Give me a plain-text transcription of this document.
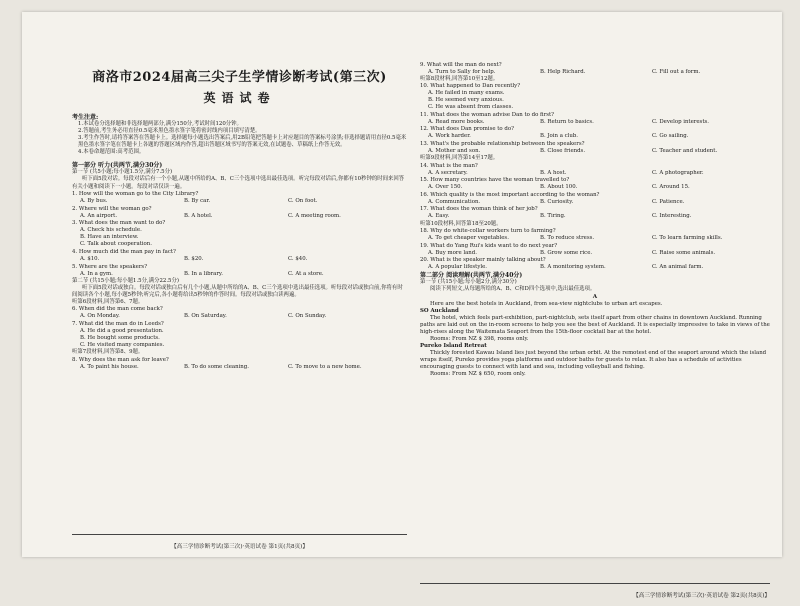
商洛市2024届高三尖子生学情诊断考试(第三次)
英语试卷
考生注意:
1.本试卷分选择题和非选择题两部分,满分150分,考试时间120分钟。
2.答题前,考生务必用直径0.5毫米黑色墨水签字笔将密封线内项目填写清楚。
3.考生作答时,请将答案答在答题卡上。选择题每小题选出答案后,用2B铅笔把答题卡上对应题目的答案标号涂黑;非选择题请用直径0.5毫米黑色墨水签字笔在答题卡上各题的答题区域内作答,超出答题区域书写的答案无效,在试题卷、草稿纸上作答无效。
4.本卷命题范围:高考范围。
第一部分 听力(共两节,满分30分)
第一节 (共5小题;每小题1.5分,满分7.5分)
听下面5段对话。每段对话后有一个小题,从题中所给的A、B、C三个选项中选出最佳选项。听完每段对话后,你都有10秒钟的时间来回答有关小题和阅读下一小题。每段对话仅读一遍。
1. How will the woman go to the City Library?
A. By bus.	B. By car.	C. On foot.
2. Where will the woman go?
A. An airport.	B. A hotel.	C. A meeting room.
3. What does the man want to do?
A. Check his schedule.
B. Have an interview.
C. Talk about cooperation.
4. How much did the man pay in fact?
A. $10.	B. $20.	C. $40.
5. Where are the speakers?
A. In a gym.	B. In a library.	C. At a store.
第二节 (共15小题;每小题1.5分,满分22.5分)
听下面5段对话或独白。每段对话或独白后有几个小题,从题中所给的A、B、C三个选项中选出最佳选项。听每段对话或独白前,你将有时间阅读各个小题,每小题5秒钟;听完后,各小题将给出5秒钟的作答时间。每段对话或独白读两遍。
听第6段材料,回答第6、7题。
6. When did the man come back?
A. On Monday.	B. On Saturday.	C. On Sunday.
7. What did the man do in Leeds?
A. He did a good presentation.
B. He bought some products.
C. He visited many companies.
听第7段材料,回答第8、9题。
8. Why does the man ask for leave?
A. To paint his house.	B. To do some cleaning.	C. To move to a new home.
【高三学情诊断考试(第三次)·英语试卷 第1页(共8页)】
9. What will the man do next?
A. Turn to Sally for help.	B. Help Richard.	C. Fill out a form.
听第8段材料,回答第10至12题。
10. What happened to Dan recently?
A. He failed in many exams.
B. He seemed very anxious.
C. He was absent from classes.
11. What does the woman advise Dan to do first?
A. Read more books.	B. Return to basics.	C. Develop interests.
12. What does Dan promise to do?
A. Work harder.	B. Join a club.	C. Go sailing.
13. What's the probable relationship between the speakers?
A. Mother and son.	B. Close friends.	C. Teacher and student.
听第9段材料,回答第14至17题。
14. What is the man?
A. A secretary.	B. A host.	C. A photographer.
15. How many countries have the woman travelled to?
A. Over 150.	B. About 100.	C. Around 15.
16. Which quality is the most important according to the woman?
A. Communication.	B. Curiosity.	C. Patience.
17. What does the woman think of her job?
A. Easy.	B. Tiring.	C. Interesting.
听第10段材料,回答第18至20题。
18. Why do white-collar workers turn to farming?
A. To get cheaper vegetables.	B. To reduce stress.	C. To learn farming skills.
19. What do Yang Rui's kids want to do next year?
A. Buy more land.	B. Grow some rice.	C. Raise some animals.
20. What is the speaker mainly talking about?
A. A popular lifestyle.	B. A monitoring system.	C. An animal farm.
第二部分 阅读理解(共两节,满分40分)
第一节 (共15小题;每小题2分,满分30分)
阅读下列短文,从每题所给的A、B、C和D四个选项中,选出最佳选项。
A
Here are the best hotels in Auckland, from sea-view nightclubs to urban art escapes.
SO Auckland
The hotel, which feels part-exhibition, part-nightclub, sets itself apart from other chains in downtown Auckland. Running paths are laid out on the in-room screens to help you see the best of Auckland. It is especially impressive to take in views of the high-rises along the Waitemata Seaport from the 15th-floor cocktail bar at the hotel.
Rooms: From NZ $ 398, rooms only.
Pureko Island Retreat
Thickly forested Kawau Island lies just beyond the urban orbit. At the remotest end of the seaport around which the island wraps itself, Pureko provides yoga platforms and outdoor baths for guests to relax. It also has a schedule of activities encouraging guests to connect with land and sea, including volleyball and fishing.
Rooms: From NZ $ 650, room only.
【高三学情诊断考试(第三次)·英语试卷 第2页(共8页)】
